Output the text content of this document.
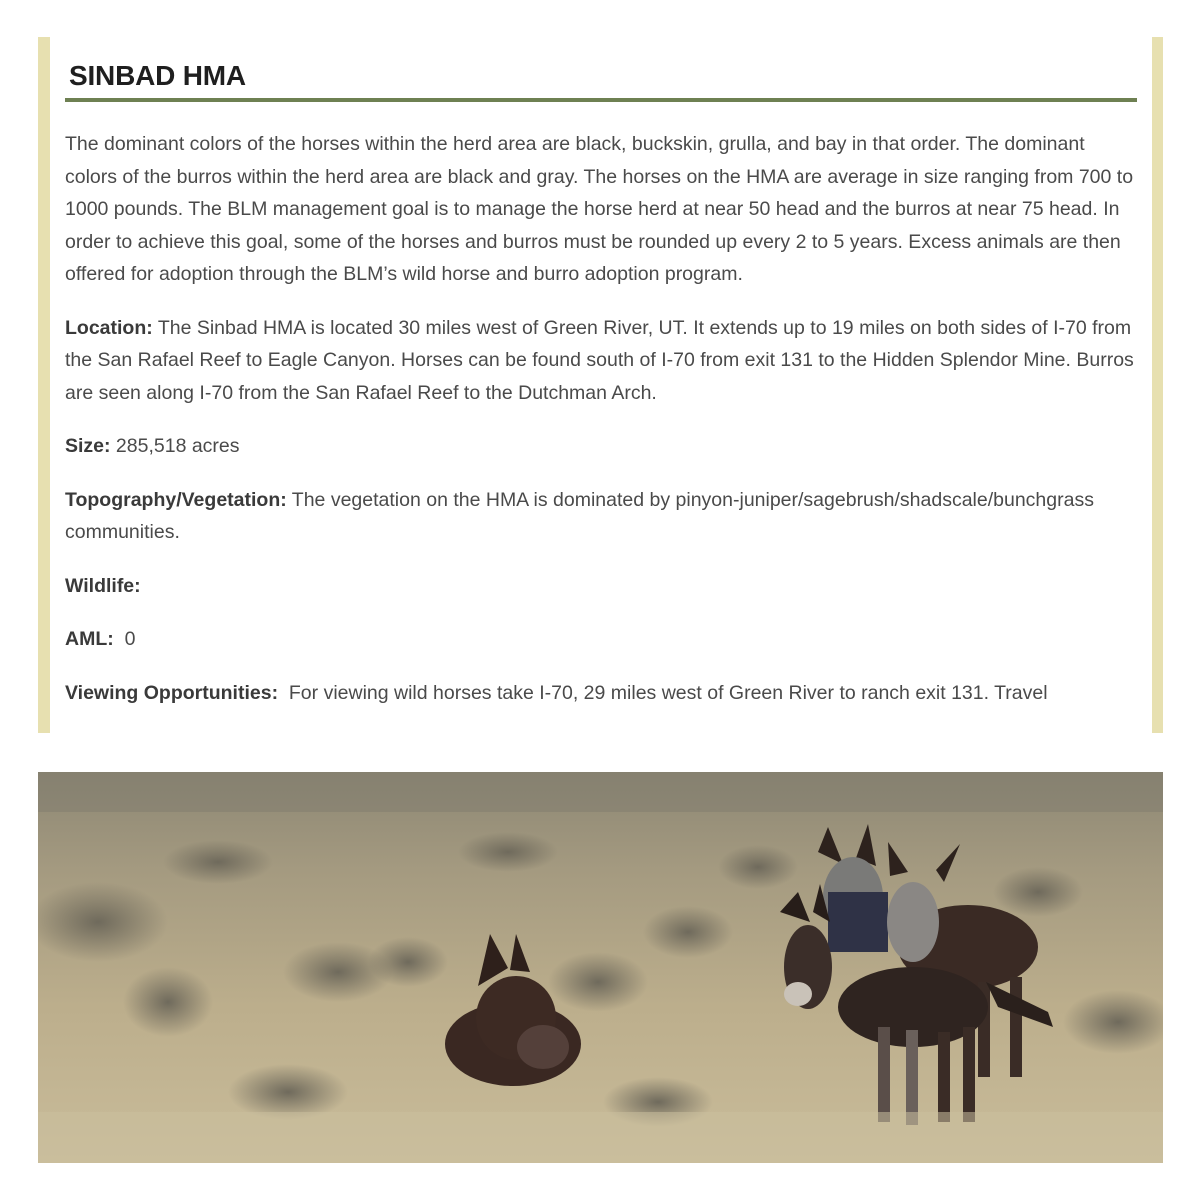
SINBAD HMA

The dominant colors of the horses within the herd area are black, buckskin, grulla, and bay in that order. The dominant colors of the burros within the herd area are black and gray. The horses on the HMA are average in size ranging from 700 to 1000 pounds. The BLM management goal is to manage the horse herd at near 50 head and the burros at near 75 head. In order to achieve this goal, some of the horses and burros must be rounded up every 2 to 5 years. Excess animals are then offered for adoption through the BLM’s wild horse and burro adoption program.

Location: The Sinbad HMA is located 30 miles west of Green River, UT. It extends up to 19 miles on both sides of I-70 from the San Rafael Reef to Eagle Canyon. Horses can be found south of I-70 from exit 131 to the Hidden Splendor Mine. Burros are seen along I-70 from the San Rafael Reef to the Dutchman Arch.

Size: 285,518 acres

Topography/Vegetation: The vegetation on the HMA is dominated by pinyon-juniper/sagebrush/shadscale/bunchgrass communities.

Wildlife:

AML:  0

Viewing Opportunities:  For viewing wild horses take I-70, 29 miles west of Green River to ranch exit 131. Travel
